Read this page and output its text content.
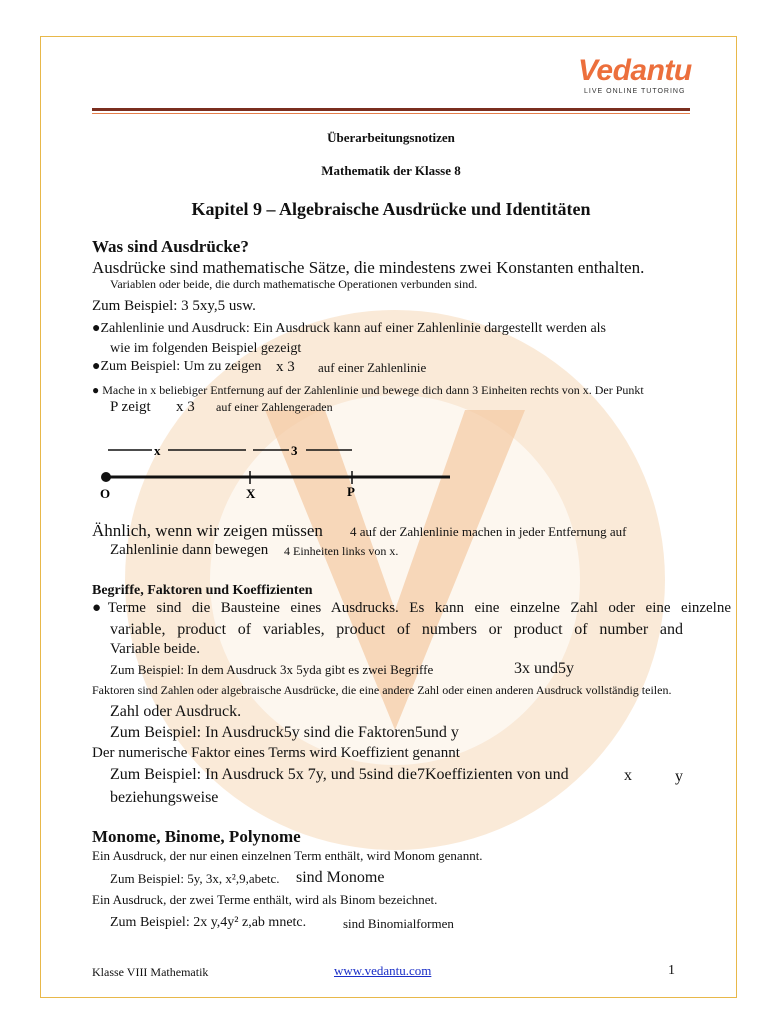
Vedantu
LIVE ONLINE TUTORING
Überarbeitungsnotizen
Mathematik der Klasse 8
Kapitel 9 – Algebraische Ausdrücke und Identitäten
Was sind Ausdrücke?
Ausdrücke sind mathematische Sätze, die mindestens zwei Konstanten enthalten.
Variablen oder beide, die durch mathematische Operationen verbunden sind.
Zum Beispiel: 3 5xy,5 usw.
●Zahlenlinie und Ausdruck: Ein Ausdruck kann auf einer Zahlenlinie dargestellt werden als
wie im folgenden Beispiel gezeigt
●Zum Beispiel: Um zu zeigen x 3 auf einer Zahlenlinie
● Mache in x beliebiger Entfernung auf der Zahlenlinie und bewege dich dann 3 Einheiten rechts von x. Der Punkt
P zeigt x 3 auf einer Zahlengeraden
x	3
O	X	P
Ähnlich, wenn wir zeigen müssen 4 auf der Zahlenlinie machen in jeder Entfernung auf
Zahlenlinie dann bewegen 4 Einheiten links von x.
Begriffe, Faktoren und Koeffizienten
●Terme sind die Bausteine eines Ausdrucks. Es kann eine einzelne Zahl oder eine einzelne
variable, product of variables, product of numbers or product of number and
Variable beide.
Zum Beispiel: In dem Ausdruck 3x 5yda gibt es zwei Begriffe	3x und5y
Faktoren sind Zahlen oder algebraische Ausdrücke, die eine andere Zahl oder einen anderen Ausdruck vollständig teilen.
Zahl oder Ausdruck.
Zum Beispiel: In Ausdruck5y sind die Faktoren5und y
Der numerische Faktor eines Terms wird Koeffizient genannt
Zum Beispiel: In Ausdruck 5x 7y, und 5sind die7Koeffizienten von und	x	y
beziehungsweise
Monome, Binome, Polynome
Ein Ausdruck, der nur einen einzelnen Term enthält, wird Monom genannt.
Zum Beispiel: 5y, 3x, x²,9,abetc. sind Monome
Ein Ausdruck, der zwei Terme enthält, wird als Binom bezeichnet.
Zum Beispiel: 2x y,4y² z,ab mnetc.	sind Binomialformen
Klasse VIII Mathematik	www.vedantu.com	1
